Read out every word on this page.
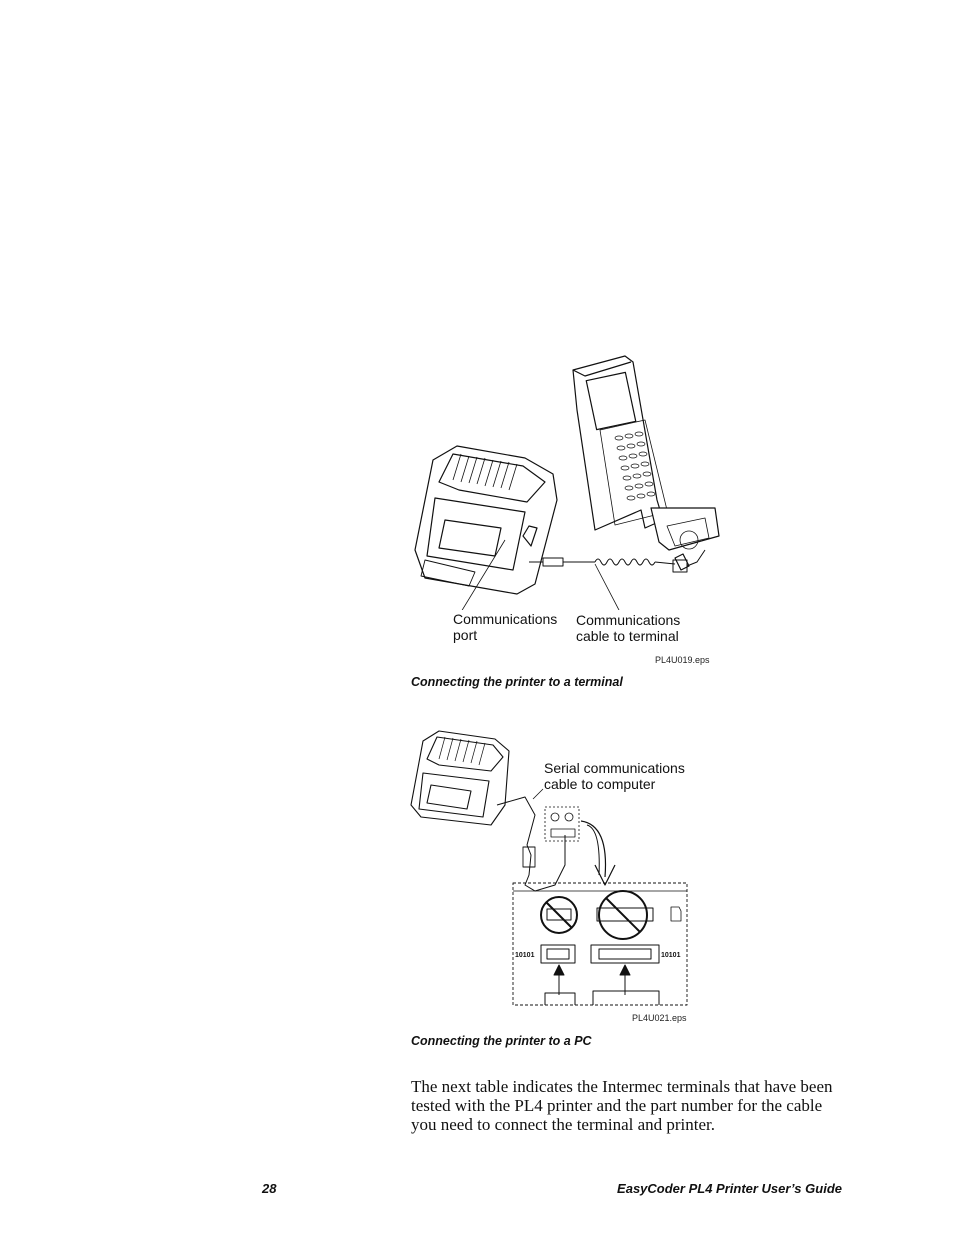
Communications
port
Communications
cable to terminal
PL4U019.eps
Connecting the printer to a terminal
10101	10101
Serial communications
cable to computer
PL4U021.eps
Connecting the printer to a PC
The next table indicates the Intermec terminals that have been tested with the PL4 printer and the part number for the cable you need to connect the terminal and printer.
28	EasyCoder PL4 Printer User’s Guide
